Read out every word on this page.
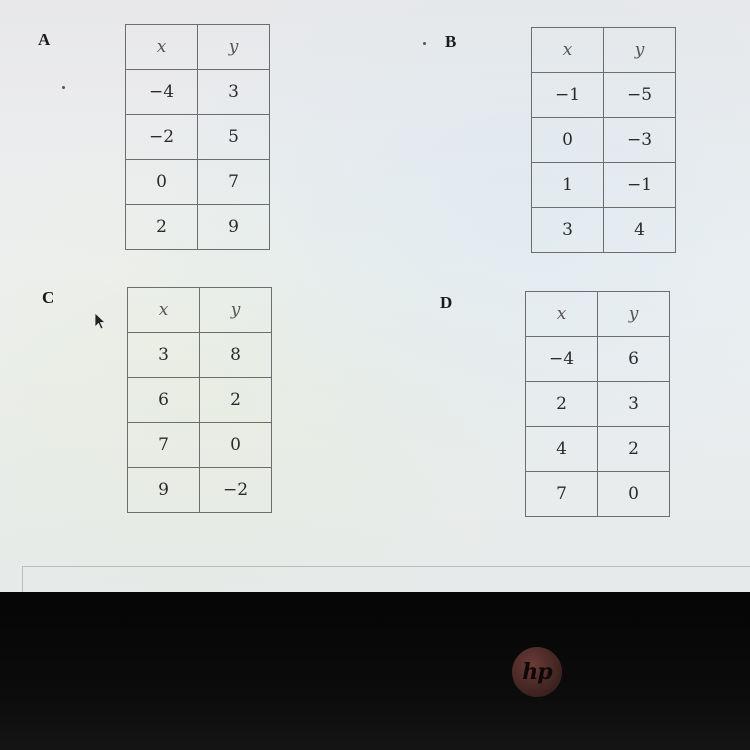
A	x	y
−4	3
−2	5
0	7
2	9
B	x	y
−1	−5
0	−3
1	−1
3	4
C
x	y
3	8
6	2
7	0
9	−2
D
x	y
−4	6
2	3
4	2
7	0
hp
